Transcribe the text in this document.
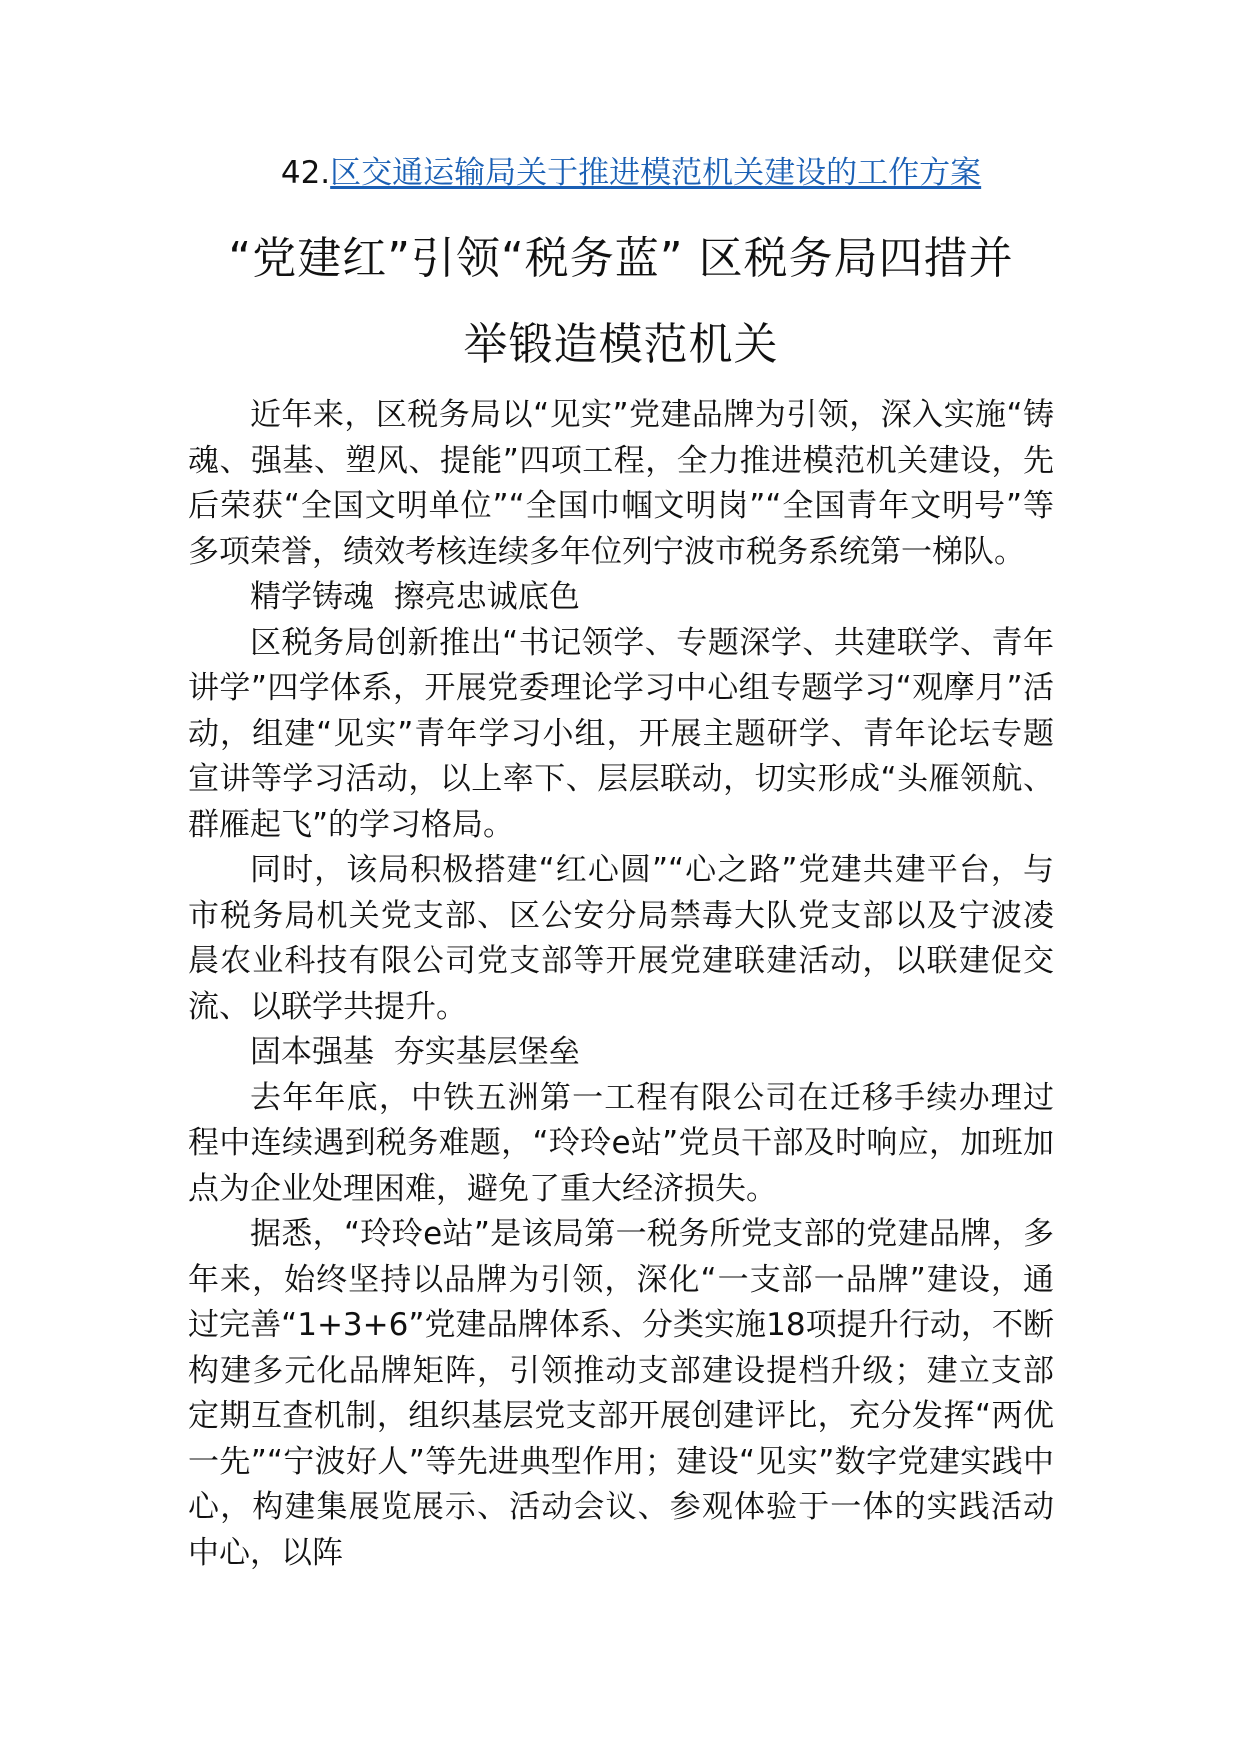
42.区交通运输局关于推进模范机关建设的工作方案
“党建红”引领“税务蓝” 区税务局四措并
举锻造模范机关

近年来，区税务局以“见实”党建品牌为引领，深入实施“铸魂、强基、塑风、提能”四项工程，全力推进模范机关建设，先后荣获“全国文明单位”“全国巾帼文明岗”“全国青年文明号”等多项荣誉，绩效考核连续多年位列宁波市税务系统第一梯队。

精学铸魂  擦亮忠诚底色

区税务局创新推出“书记领学、专题深学、共建联学、青年讲学”四学体系，开展党委理论学习中心组专题学习“观摩月”活动，组建“见实”青年学习小组，开展主题研学、青年论坛专题宣讲等学习活动，以上率下、层层联动，切实形成“头雁领航、群雁起飞”的学习格局。

同时，该局积极搭建“红心圆”“心之路”党建共建平台，与市税务局机关党支部、区公安分局禁毒大队党支部以及宁波凌晨农业科技有限公司党支部等开展党建联建活动，以联建促交流、以联学共提升。

固本强基  夯实基层堡垒

去年年底，中铁五洲第一工程有限公司在迁移手续办理过程中连续遇到税务难题，“玲玲e站”党员干部及时响应，加班加点为企业处理困难，避免了重大经济损失。

据悉，“玲玲e站”是该局第一税务所党支部的党建品牌，多年来，始终坚持以品牌为引领，深化“一支部一品牌”建设，通过完善“1+3+6”党建品牌体系、分类实施18项提升行动，不断构建多元化品牌矩阵，引领推动支部建设提档升级；建立支部定期互查机制，组织基层党支部开展创建评比，充分发挥“两优一先”“宁波好人”等先进典型作用；建设“见实”数字党建实践中心，构建集展览展示、活动会议、参观体验于一体的实践活动中心，以阵
